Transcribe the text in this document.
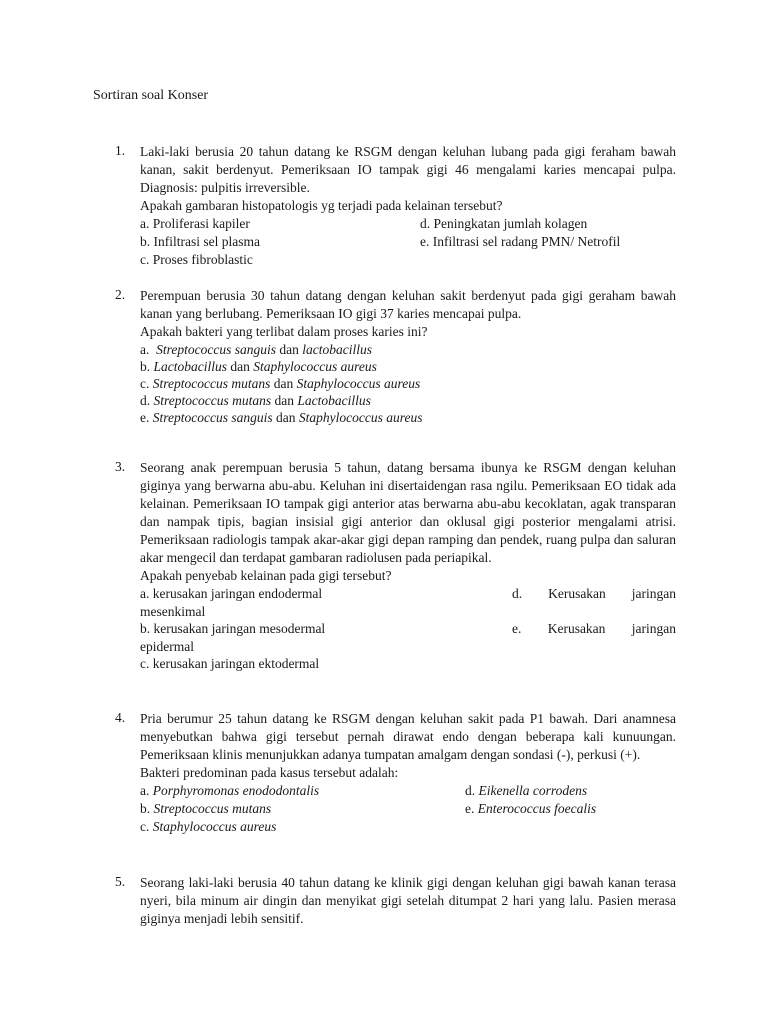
Sortiran soal Konser
1. Laki-laki berusia 20 tahun datang ke RSGM dengan keluhan lubang pada gigi feraham bawah kanan, sakit berdenyut. Pemeriksaan IO tampak gigi 46 mengalami karies mencapai pulpa. Diagnosis: pulpitis irreversible.

Apakah gambaran histopatologis yg terjadi pada kelainan tersebut?

a. Proliferasi kapiler	d. Peningkatan jumlah kolagen
b. Infiltrasi sel plasma	e. Infiltrasi sel radang PMN/ Netrofil
c. Proses fibroblastic
2. Perempuan berusia 30 tahun datang dengan keluhan sakit berdenyut pada gigi geraham bawah kanan yang berlubang. Pemeriksaan IO gigi 37 karies mencapai pulpa.

Apakah bakteri yang terlibat dalam proses karies ini?

a.  Streptococcus sanguis dan lactobacillus
b. Lactobacillus dan Staphylococcus aureus
c. Streptococcus mutans dan Staphylococcus aureus
d. Streptococcus mutans dan Lactobacillus
e. Streptococcus sanguis dan Staphylococcus aureus
3. Seorang anak perempuan berusia 5 tahun, datang bersama ibunya ke RSGM dengan keluhan giginya yang berwarna abu-abu. Keluhan ini disertaidengan rasa ngilu. Pemeriksaan EO tidak ada kelainan. Pemeriksaan IO tampak gigi anterior atas berwarna abu-abu kecoklatan, agak transparan dan nampak tipis, bagian insisial gigi anterior dan oklusal gigi posterior mengalami atrisi. Pemeriksaan radiologis tampak akar-akar gigi depan ramping dan pendek, ruang pulpa dan saluran akar mengecil dan terdapat gambaran radiolusen pada periapikal.

Apakah penyebab kelainan pada gigi tersebut?

a. kerusakan jaringan endodermal	d. Kerusakan jaringan
mesenkimal
b. kerusakan jaringan mesodermal	e. Kerusakan jaringan
epidermal
c. kerusakan jaringan ektodermal
4. Pria berumur 25 tahun datang ke RSGM dengan keluhan sakit pada P1 bawah. Dari anamnesa menyebutkan bahwa gigi tersebut pernah dirawat endo dengan beberapa kali kunuungan. Pemeriksaan klinis menunjukkan adanya tumpatan amalgam dengan sondasi (-), perkusi (+).

Bakteri predominan pada kasus tersebut adalah:

a. Porphyromonas enododontalis	d. Eikenella corrodens
b. Streptococcus mutans	e. Enterococcus foecalis
c. Staphylococcus aureus
5. Seorang laki-laki berusia 40 tahun datang ke klinik gigi dengan keluhan gigi bawah kanan terasa nyeri, bila minum air dingin dan menyikat gigi setelah ditumpat 2 hari yang lalu. Pasien merasa giginya menjadi lebih sensitif.
